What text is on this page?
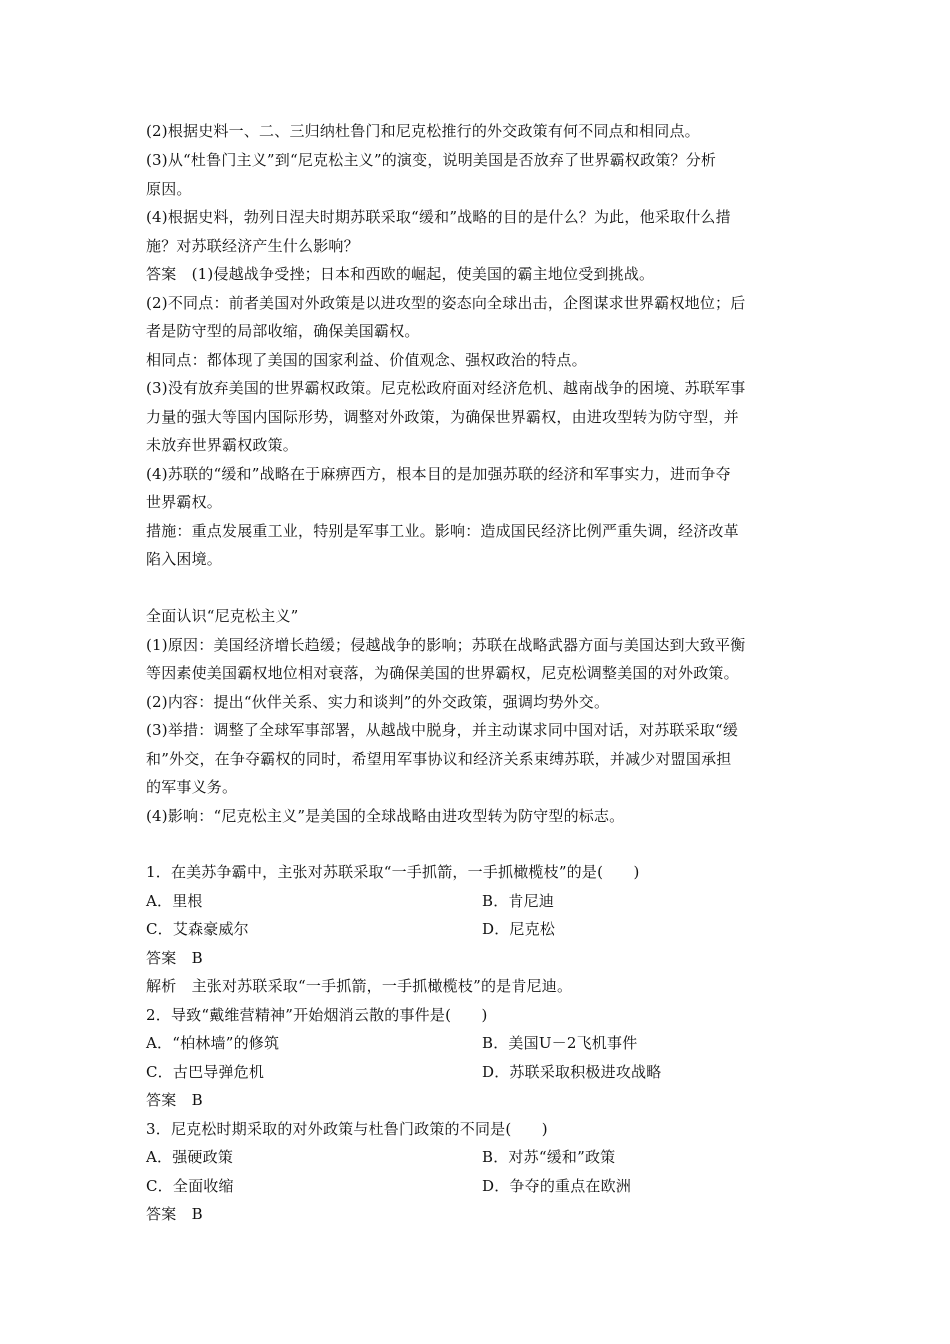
(2)根据史料一、二、三归纳杜鲁门和尼克松推行的外交政策有何不同点和相同点。
(3)从“杜鲁门主义”到“尼克松主义”的演变，说明美国是否放弃了世界霸权政策？分析
原因。
(4)根据史料，勃列日涅夫时期苏联采取“缓和”战略的目的是什么？为此，他采取什么措
施？对苏联经济产生什么影响？
答案　(1)侵越战争受挫；日本和西欧的崛起，使美国的霸主地位受到挑战。
(2)不同点：前者美国对外政策是以进攻型的姿态向全球出击，企图谋求世界霸权地位；后
者是防守型的局部收缩，确保美国霸权。
相同点：都体现了美国的国家利益、价值观念、强权政治的特点。
(3)没有放弃美国的世界霸权政策。尼克松政府面对经济危机、越南战争的困境、苏联军事
力量的强大等国内国际形势，调整对外政策，为确保世界霸权，由进攻型转为防守型，并
未放弃世界霸权政策。
(4)苏联的“缓和”战略在于麻痹西方，根本目的是加强苏联的经济和军事实力，进而争夺
世界霸权。
措施：重点发展重工业，特别是军事工业。影响：造成国民经济比例严重失调，经济改革
陷入困境。
全面认识“尼克松主义”
(1)原因：美国经济增长趋缓；侵越战争的影响；苏联在战略武器方面与美国达到大致平衡
等因素使美国霸权地位相对衰落，为确保美国的世界霸权，尼克松调整美国的对外政策。
(2)内容：提出“伙伴关系、实力和谈判”的外交政策，强调均势外交。
(3)举措：调整了全球军事部署，从越战中脱身，并主动谋求同中国对话，对苏联采取“缓
和”外交，在争夺霸权的同时，希望用军事协议和经济关系束缚苏联，并减少对盟国承担
的军事义务。
(4)影响：“尼克松主义”是美国的全球战略由进攻型转为防守型的标志。
1．在美苏争霸中，主张对苏联采取“一手抓箭，一手抓橄榄枝”的是(　　)
A．里根	B．肯尼迪
C．艾森豪威尔	D．尼克松
答案　B
解析　主张对苏联采取“一手抓箭，一手抓橄榄枝”的是肯尼迪。
2．导致“戴维营精神”开始烟消云散的事件是(　　)
A．“柏林墙”的修筑	B．美国U－2飞机事件
C．古巴导弹危机	D．苏联采取积极进攻战略
答案　B
3．尼克松时期采取的对外政策与杜鲁门政策的不同是(　　)
A．强硬政策	B．对苏“缓和”政策
C．全面收缩	D．争夺的重点在欧洲
答案　B
